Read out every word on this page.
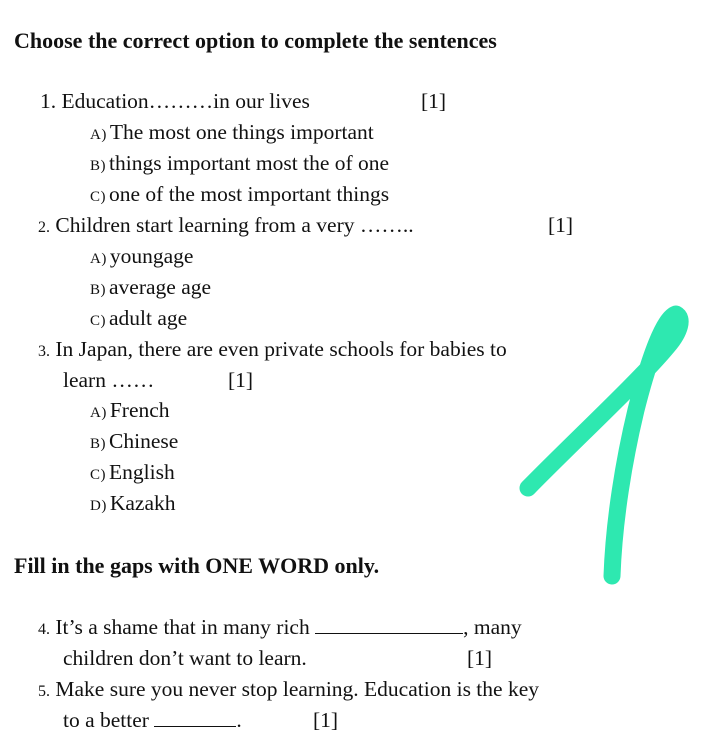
Choose the correct option to complete the sentences
1. Education………in our lives	[1]
A) The most one things important
B) things important most the of one
C) one of the most important things
2. Children start learning from a very ……..	[1]
A) youngage
B) average age
C) adult age
3. In Japan, there are even private schools for babies to
learn ……	[1]
A) French
B) Chinese
C) English
D) Kazakh
Fill in the gaps with ONE WORD only.
4. It’s a shame that in many rich	, many
children don’t want to learn.	[1]
5. Make sure you never stop learning. Education is the key
to a better	.	[1]
